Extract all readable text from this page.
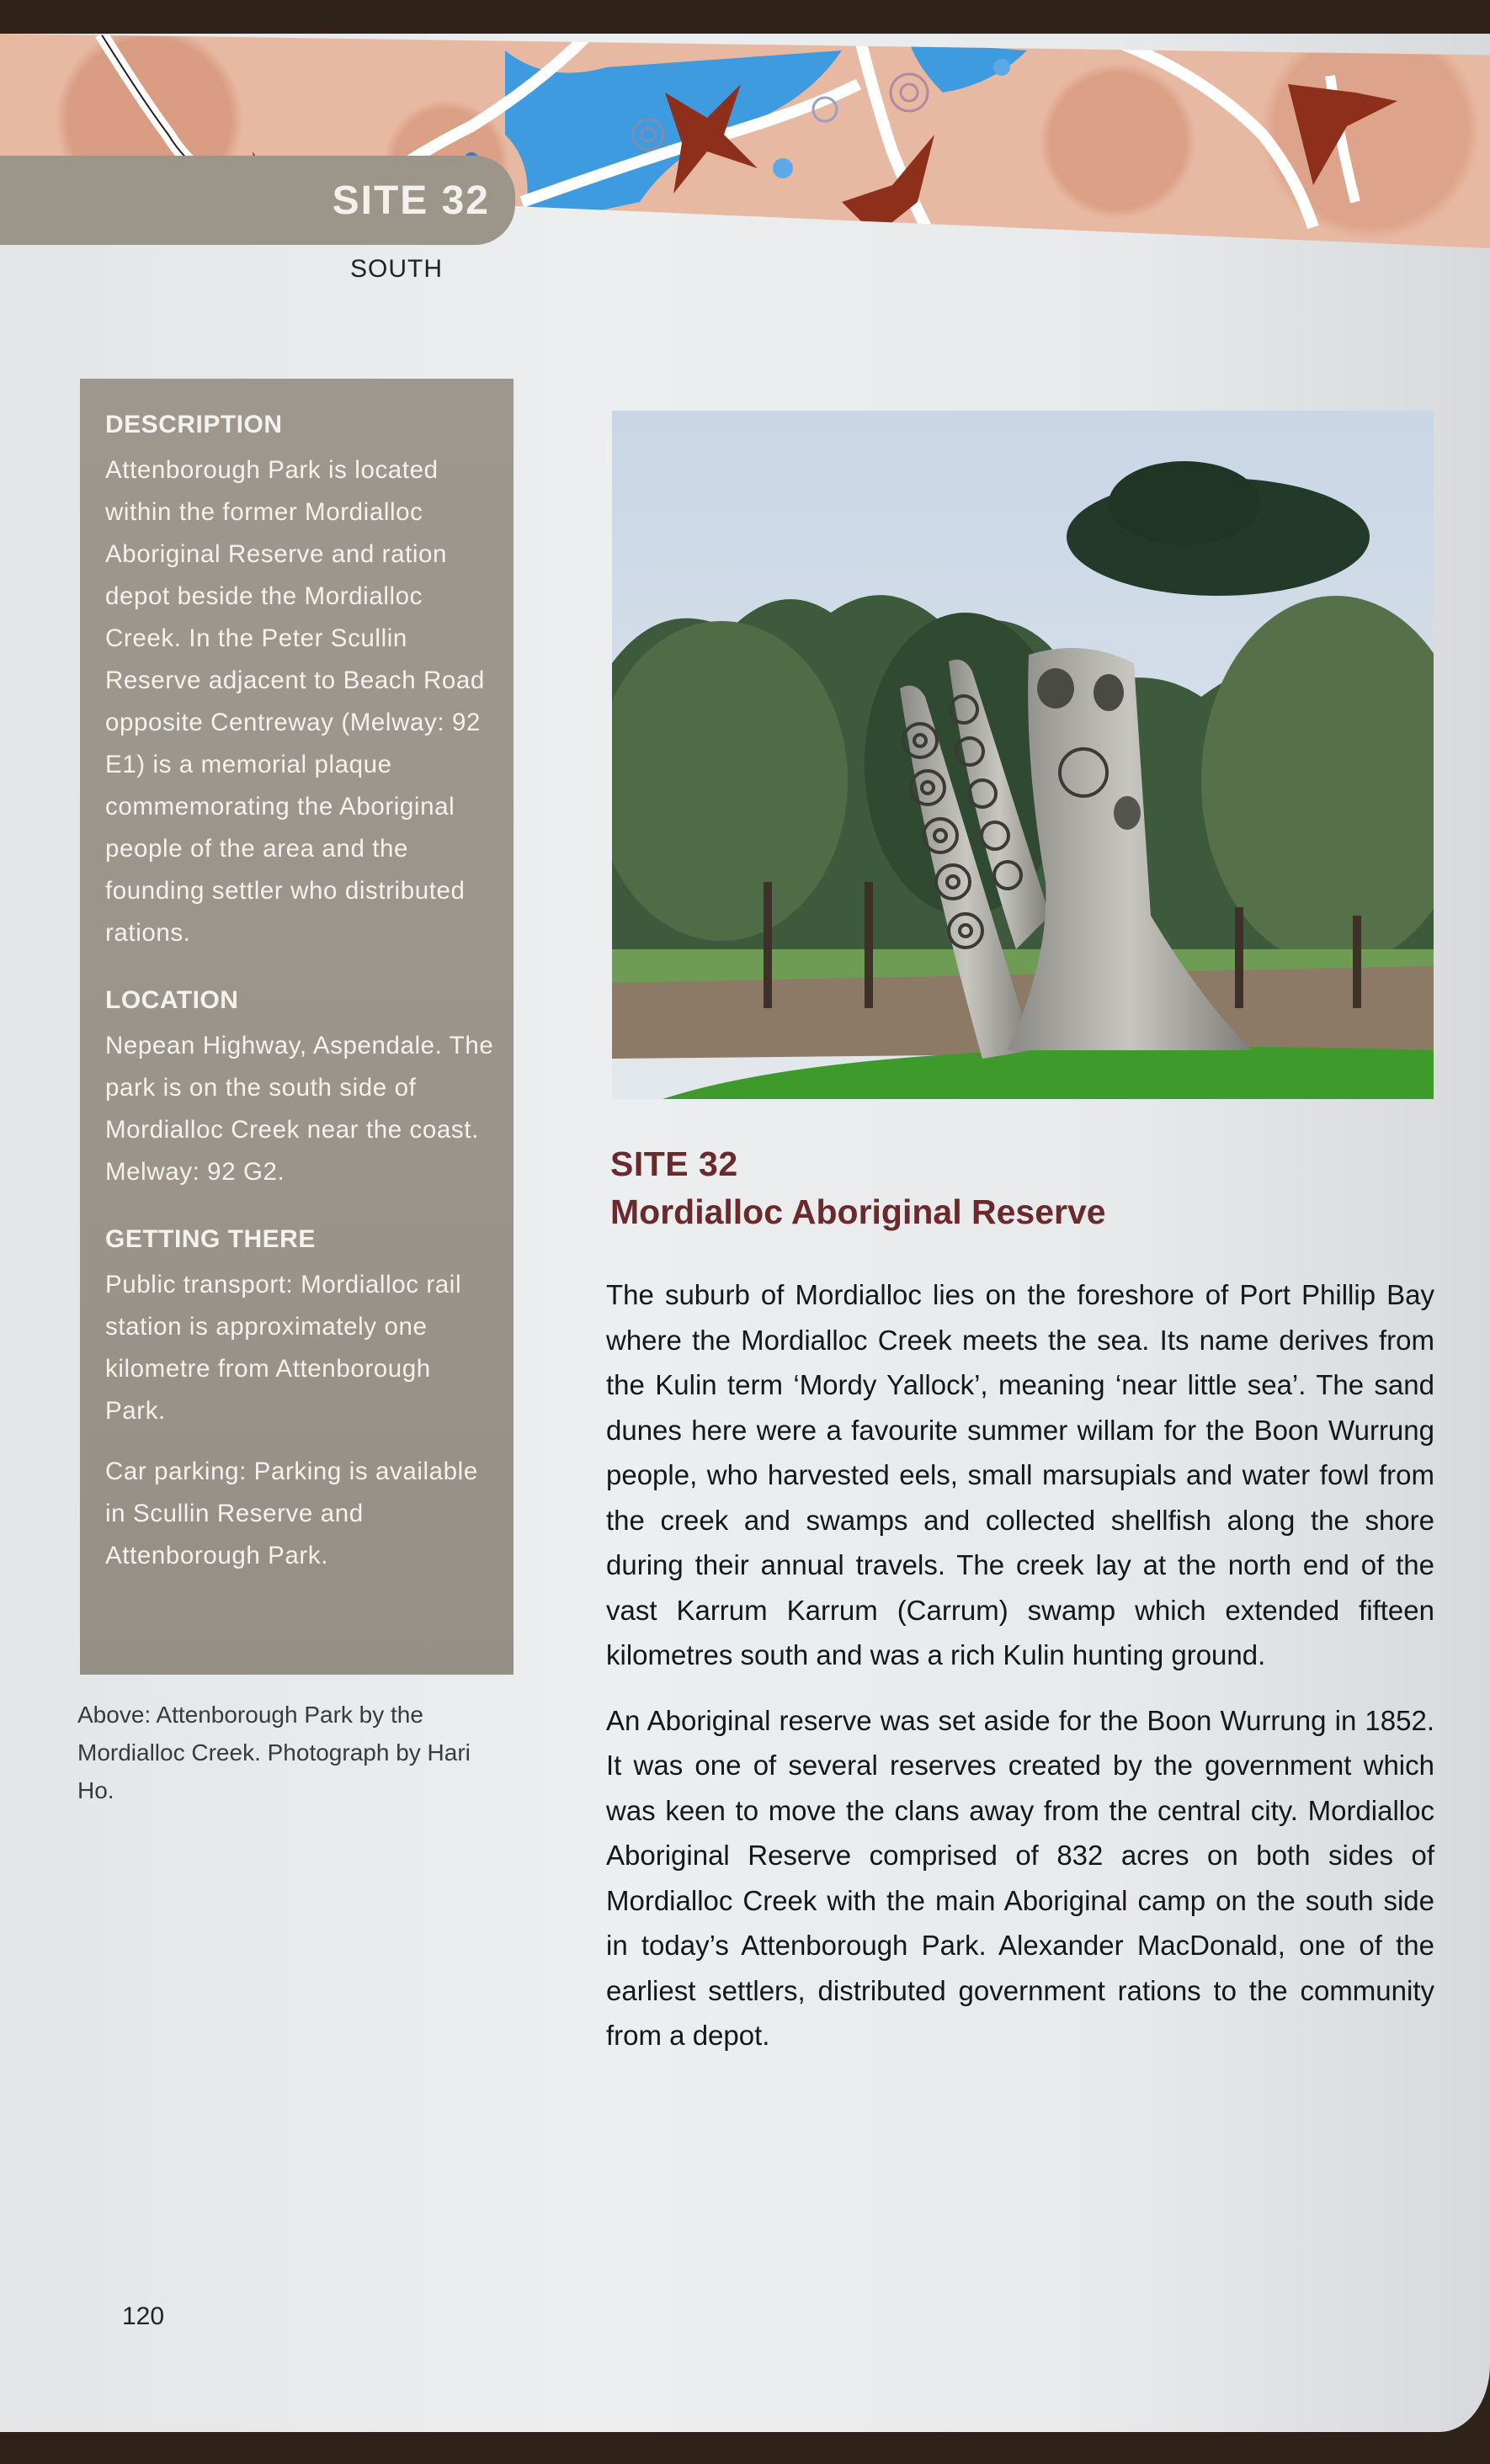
SITE 32
SOUTH
DESCRIPTION

Attenborough Park is located within the former Mordialloc Aboriginal Reserve and ration depot beside the Mordialloc Creek. In the Peter Scullin Reserve adjacent to Beach Road opposite Centreway (Melway: 92 E1) is a memorial plaque commemorating the Aboriginal people of the area and the founding settler who distributed rations.

LOCATION

Nepean Highway, Aspendale. The park is on the south side of Mordialloc Creek near the coast. Melway: 92 G2.

GETTING THERE

Public transport: Mordialloc rail station is approximately one kilometre from Attenborough Park.

Car parking: Parking is available in Scullin Reserve and Attenborough Park.

Above: Attenborough Park by the Mordialloc Creek. Photograph by Hari Ho.
SITE 32
Mordialloc Aboriginal Reserve

The suburb of Mordialloc lies on the foreshore of Port Phillip Bay where the Mordialloc Creek meets the sea. Its name derives from the Kulin term ‘Mordy Yallock’, meaning ‘near little sea’. The sand dunes here were a favourite summer willam for the Boon Wurrung people, who harvested eels, small marsupials and water fowl from the creek and swamps and collected shellfish along the shore during their annual travels. The creek lay at the north end of the vast Karrum Karrum (Carrum) swamp which extended fifteen kilometres south and was a rich Kulin hunting ground.

An Aboriginal reserve was set aside for the Boon Wurrung in 1852. It was one of several reserves created by the government which was keen to move the clans away from the central city. Mordialloc Aboriginal Reserve comprised of 832 acres on both sides of Mordialloc Creek with the main Aboriginal camp on the south side in today’s Attenborough Park. Alexander MacDonald, one of the earliest settlers, distributed government rations to the community from a depot.

120
